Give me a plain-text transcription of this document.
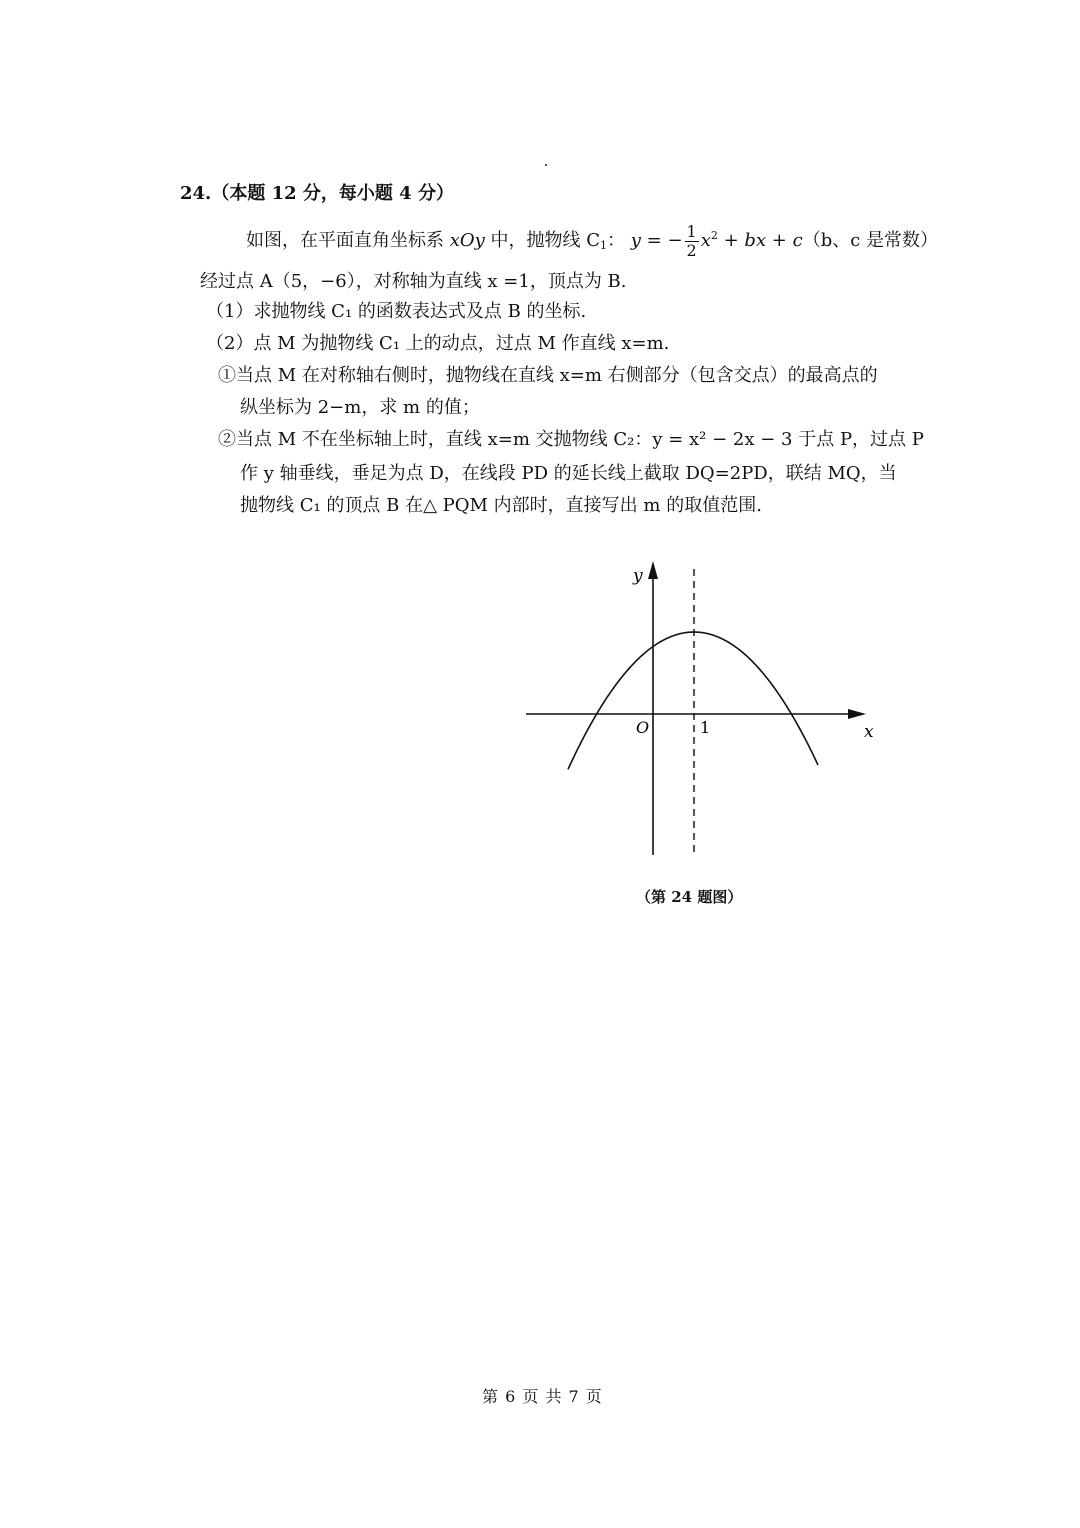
24.（本题 12 分，每小题 4 分）
如图，在平面直角坐标系 xOy 中，抛物线 $C_1$： y = − $\frac{1}{2} x^2$ + bx + c（b、c 是常数）
经过点 A（5，−6），对称轴为直线 x =1，顶点为 B.
（1）求抛物线 C₁ 的函数表达式及点 B 的坐标.
（2）点 M 为抛物线 C₁ 上的动点，过点 M 作直线 x=m.
①当点 M 在对称轴右侧时，抛物线在直线 x=m 右侧部分（包含交点）的最高点的
纵坐标为 2−m，求 m 的值；
②当点 M 不在坐标轴上时，直线 x=m 交抛物线 C₂：y = x² − 2x − 3 于点 P，过点 P
作 y 轴垂线，垂足为点 D，在线段 PD 的延长线上截取 DQ=2PD，联结 MQ，当
抛物线 C₁ 的顶点 B 在△ PQM 内部时，直接写出 m 的取值范围.
y
x
O	1
（第 24 题图）
第 6 页 共 7 页
